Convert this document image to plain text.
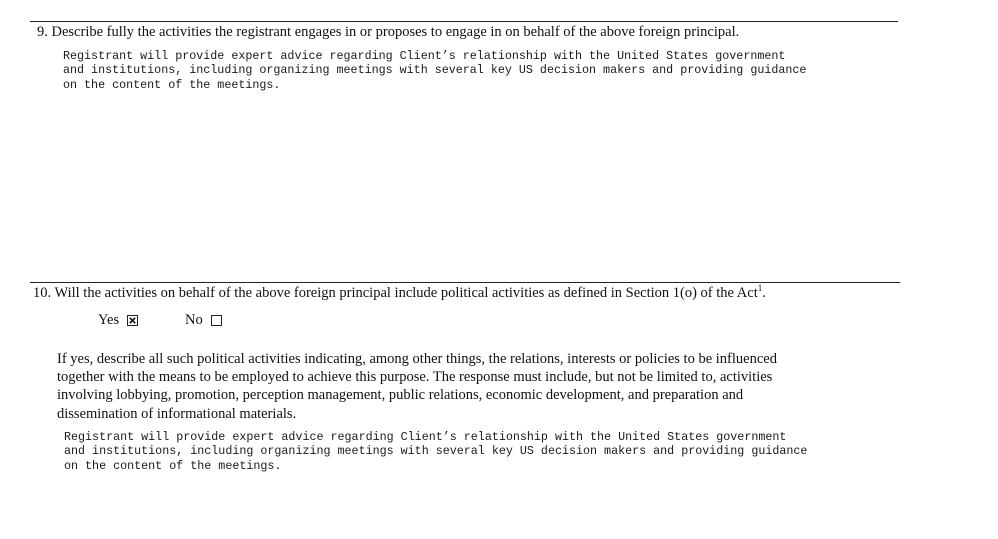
9. Describe fully the activities the registrant engages in or proposes to engage in on behalf of the above foreign principal.
Registrant will provide expert advice regarding Client’s relationship with the United States government
and institutions, including organizing meetings with several key US decision makers and providing guidance
on the content of the meetings.
10. Will the activities on behalf of the above foreign principal include political activities as defined in Section 1(o) of the Act$^1$.
Yes	No
If yes, describe all such political activities indicating, among other things, the relations, interests or policies to be influenced
together with the means to be employed to achieve this purpose. The response must include, but not be limited to, activities
involving lobbying, promotion, perception management, public relations, economic development, and preparation and
dissemination of informational materials.
Registrant will provide expert advice regarding Client’s relationship with the United States government
and institutions, including organizing meetings with several key US decision makers and providing guidance
on the content of the meetings.
